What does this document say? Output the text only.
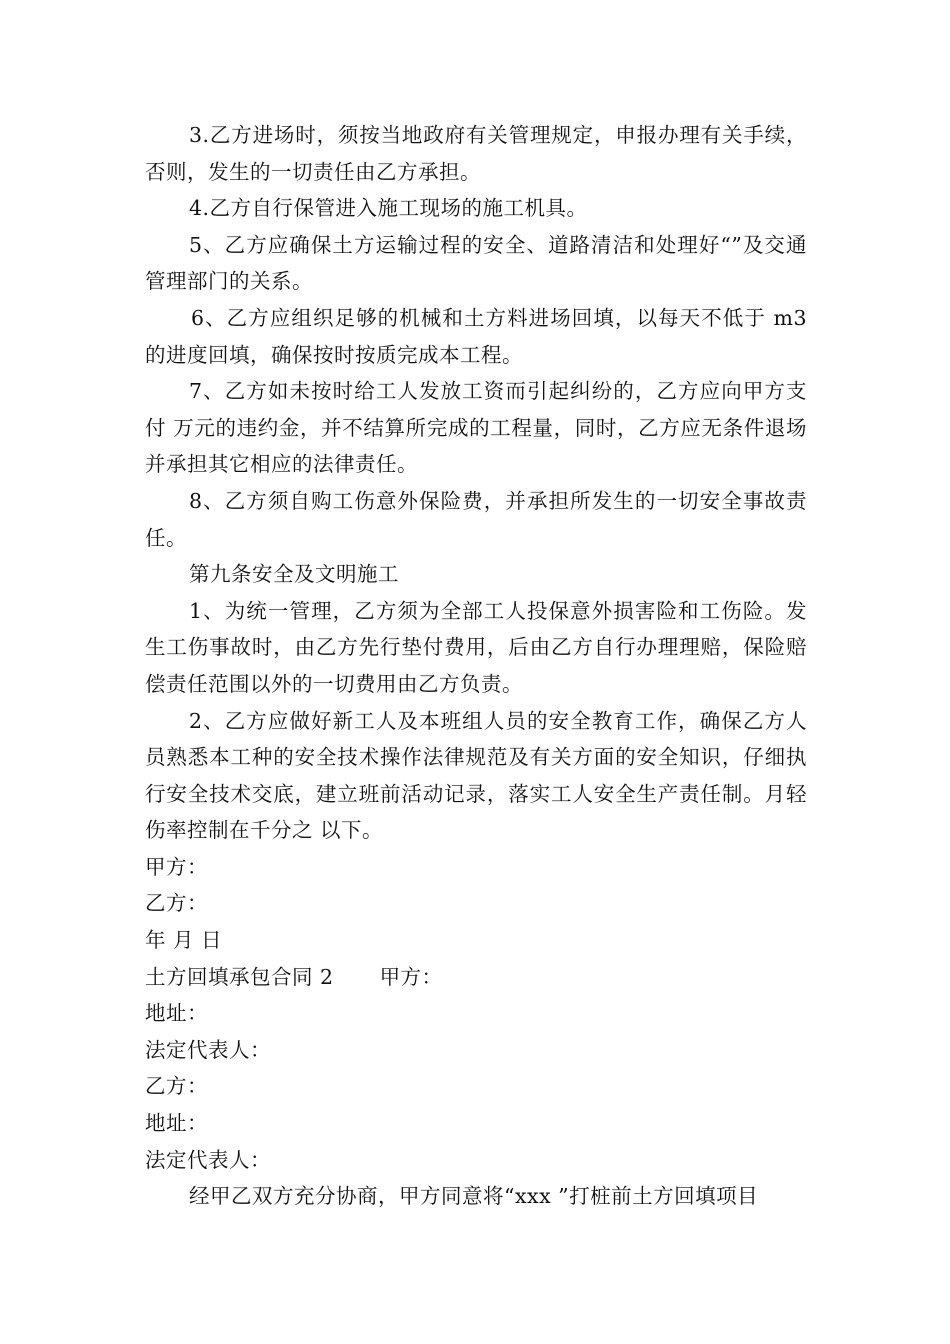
3.乙方进场时，须按当地政府有关管理规定，申报办理有关手续，否则，发生的一切责任由乙方承担。

4.乙方自行保管进入施工现场的施工机具。

5、乙方应确保土方运输过程的安全、道路清洁和处理好“”及交通管理部门的关系。

6、乙方应组织足够的机械和土方料进场回填，以每天不低于 m3 的进度回填，确保按时按质完成本工程。

7、乙方如未按时给工人发放工资而引起纠纷的，乙方应向甲方支付 万元的违约金，并不结算所完成的工程量，同时，乙方应无条件退场并承担其它相应的法律责任。

8、乙方须自购工伤意外保险费，并承担所发生的一切安全事故责任。

第九条安全及文明施工

1、为统一管理，乙方须为全部工人投保意外损害险和工伤险。发生工伤事故时，由乙方先行垫付费用，后由乙方自行办理理赔，保险赔偿责任范围以外的一切费用由乙方负责。

2、乙方应做好新工人及本班组人员的安全教育工作，确保乙方人员熟悉本工种的安全技术操作法律规范及有关方面的安全知识，仔细执行安全技术交底，建立班前活动记录，落实工人安全生产责任制。月轻伤率控制在千分之 以下。

甲方：

乙方：

年 月 日

土方回填承包合同 2 甲方：

地址：

法定代表人：

乙方：

地址：

法定代表人：

经甲乙双方充分协商，甲方同意将“xxx ”打桩前土方回填项目
